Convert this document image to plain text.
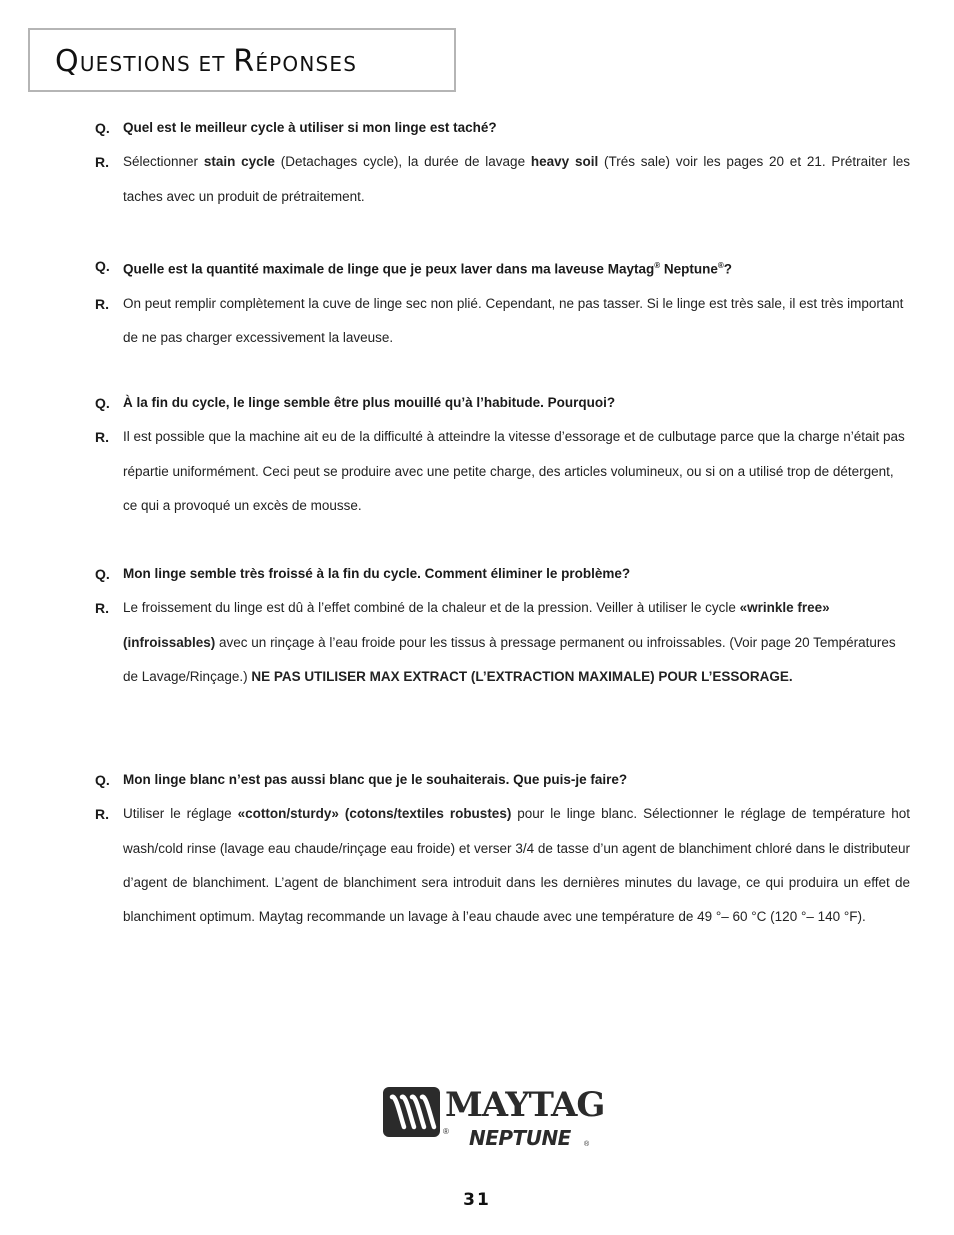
QUESTIONS ET RÉPONSES
Q. Quel est le meilleur cycle à utiliser si mon linge est taché?
R.	Sélectionner stain cycle (Detachages cycle), la durée de lavage heavy soil (Trés sale) voir les pages 20 et 21. Prétraiter les taches avec un produit de prétraitement.
Q. Quelle est la quantité maximale de linge que je peux laver dans ma laveuse Maytag® Neptune®?
R.	On peut remplir complètement la cuve de linge sec non plié. Cependant, ne pas tasser. Si le linge est très sale, il est très important de ne pas charger excessivement la laveuse.
Q. À la fin du cycle, le linge semble être plus mouillé qu’à l’habitude. Pourquoi?
R.	Il est possible que la machine ait eu de la difficulté à atteindre la vitesse d’essorage et de culbutage parce que la charge n’était pas répartie uniformément. Ceci peut se produire avec une petite charge, des articles volumineux, ou si on a utilisé trop de détergent, ce qui a provoqué un excès de mousse.
Q. Mon linge semble très froissé à la fin du cycle. Comment éliminer le problème?
R.	Le froissement du linge est dû à l’effet combiné de la chaleur et de la pression. Veiller à utiliser le cycle «wrinkle free» (infroissables) avec un rinçage à l’eau froide pour les tissus à pressage permanent ou infroissables. (Voir page 20 Températures de Lavage/Rinçage.) NE PAS UTILISER MAX EXTRACT (L’EXTRACTION MAXIMALE) POUR L’ESSORAGE.
Q. Mon linge blanc n’est pas aussi blanc que je le souhaiterais. Que puis-je faire?
R.	Utiliser le réglage «cotton/sturdy» (cotons/textiles robustes) pour le linge blanc. Sélectionner le réglage de température hot wash/cold rinse (lavage eau chaude/rinçage eau froide) et verser 3/4 de tasse d’un agent de blanchiment chloré dans le distributeur d’agent de blanchiment. L’agent de blanchiment sera introduit dans les dernières minutes du lavage, ce qui produira un effet de blanchiment optimum. Maytag recommande un lavage à l’eau chaude avec une température de 49 °– 60 °C (120 °– 140 °F).
MAYTAG
® NEPTUNE ®
31
